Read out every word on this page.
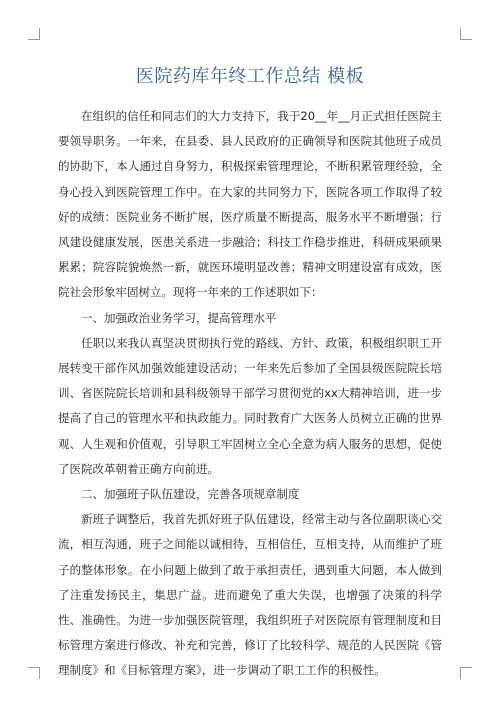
医院药库年终工作总结 模板

在组织的信任和同志们的大力支持下，我于20__年__月正式担任医院主要领导职务。一年来，在县委、县人民政府的正确领导和医院其他班子成员的协助下，本人通过自身努力，积极探索管理理论，不断积累管理经验，全身心投入到医院管理工作中。在大家的共同努力下，医院各项工作取得了较好的成绩：医院业务不断扩展，医疗质量不断提高，服务水平不断增强；行风建设健康发展，医患关系进一步融洽；科技工作稳步推进，科研成果硕果累累；院容院貌焕然一新，就医环境明显改善；精神文明建设富有成效，医院社会形象牢固树立。现将一年来的工作述职如下：

一、加强政治业务学习，提高管理水平

任职以来我认真坚决贯彻执行党的路线、方针、政策，积极组织职工开展转变干部作风加强效能建设活动；一年来先后参加了全国县级医院院长培训、省医院院长培训和县科级领导干部学习贯彻党的xx大精神培训，进一步提高了自己的管理水平和执政能力。同时教育广大医务人员树立正确的世界观、人生观和价值观，引导职工牢固树立全心全意为病人服务的思想，促使了医院改革朝着正确方向前进。

二、加强班子队伍建设，完善各项规章制度

新班子调整后，我首先抓好班子队伍建设，经常主动与各位副职谈心交流，相互沟通，班子之间能以诚相待，互相信任，互相支持，从而维护了班子的整体形象。在小问题上做到了敢于承担责任，遇到重大问题，本人做到了注重发扬民主，集思广益。进而避免了重大失误，也增强了决策的科学性、准确性。为进一步加强医院管理，我组织班子对医院原有管理制度和目标管理方案进行修改、补充和完善，修订了比较科学、规范的人民医院《管理制度》和《目标管理方案》，进一步调动了职工工作的积极性。
